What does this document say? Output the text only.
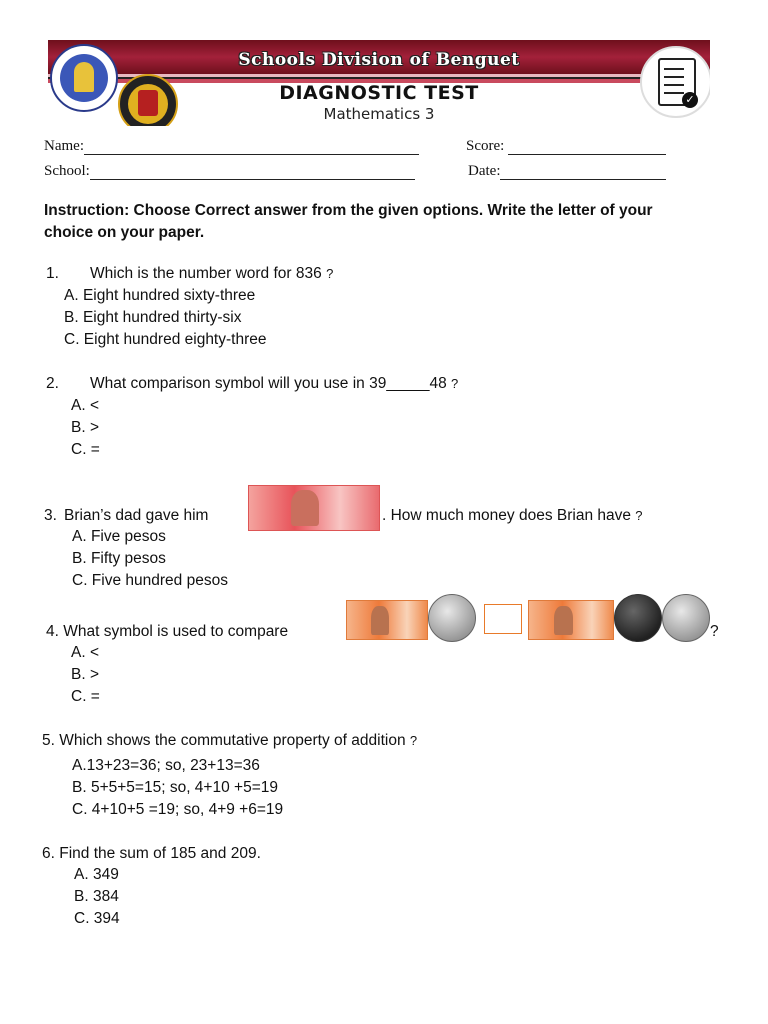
Schools Division of Benguet
DIAGNOSTIC TEST
Mathematics 3
✓
Name:	Score:
School:	Date:
Instruction: Choose Correct answer from the given options. Write the letter of your choice on your paper.
1. Which is the number word for 836 ?
A. Eight hundred sixty-three
B. Eight hundred thirty-six
C. Eight hundred eighty-three
2. What comparison symbol will you use in 39_____48 ?
A. <
B. >
C. =
3. Brian’s dad gave him	. How much money does Brian have ?
A. Five pesos
B. Fifty pesos
C. Five hundred pesos
4. What symbol is used to compare	?
A. <
B. >
C. =
5. Which shows the commutative property of addition ?
A.13+23=36; so, 23+13=36
B. 5+5+5=15; so, 4+10 +5=19
C. 4+10+5 =19; so, 4+9 +6=19
6. Find the sum of 185 and 209.
A. 349
B. 384
C. 394
